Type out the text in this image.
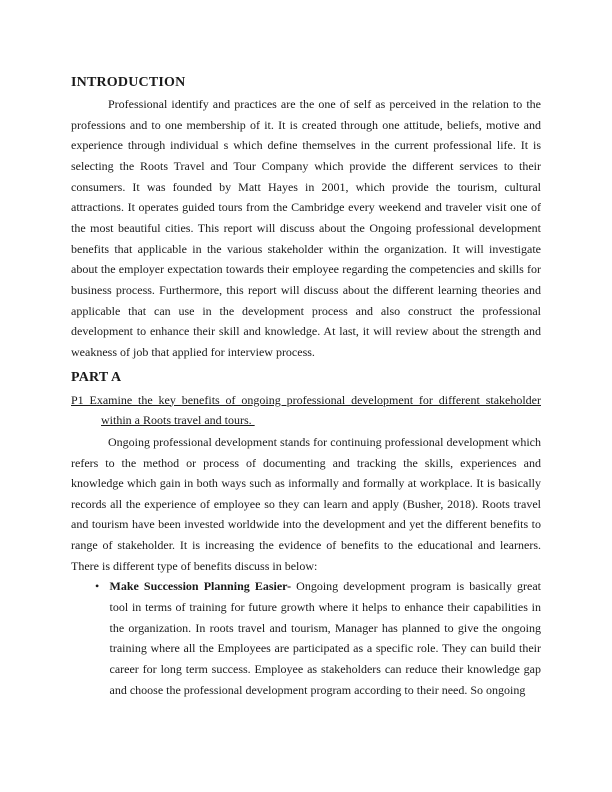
INTRODUCTION

Professional identify and practices are the one of self as perceived in the relation to the professions and to one membership of it. It is created through one attitude, beliefs, motive and experience through individual s which define themselves in the current professional life. It is selecting the Roots Travel and Tour Company which provide the different services to their consumers. It was founded by Matt Hayes in 2001, which provide the tourism, cultural attractions. It operates guided tours from the Cambridge every weekend and traveler visit one of the most beautiful cities. This report will discuss about the Ongoing professional development benefits that applicable in the various stakeholder within the organization. It will investigate about the employer expectation towards their employee regarding the competencies and skills for business process. Furthermore, this report will discuss about the different learning theories and applicable that can use in the development process and also construct the professional development to enhance their skill and knowledge. At last, it will review about the strength and weakness of job that applied for interview process.

PART A
P1 Examine the key benefits of ongoing professional development for different stakeholder
within a Roots travel and tours.

Ongoing professional development stands for continuing professional development which refers to the method or process of documenting and tracking the skills, experiences and knowledge which gain in both ways such as informally and formally at workplace. It is basically records all the experience of employee so they can learn and apply (Busher, 2018). Roots travel and tourism have been invested worldwide into the development and yet the different benefits to range of stakeholder. It is increasing the evidence of benefits to the educational and learners. There is different type of benefits discuss in below:

• Make Succession Planning Easier- Ongoing development program is basically great tool in terms of training for future growth where it helps to enhance their capabilities in the organization. In roots travel and tourism, Manager has planned to give the ongoing training where all the Employees are participated as a specific role. They can build their career for long term success. Employee as stakeholders can reduce their knowledge gap and choose the professional development program according to their need. So ongoing
